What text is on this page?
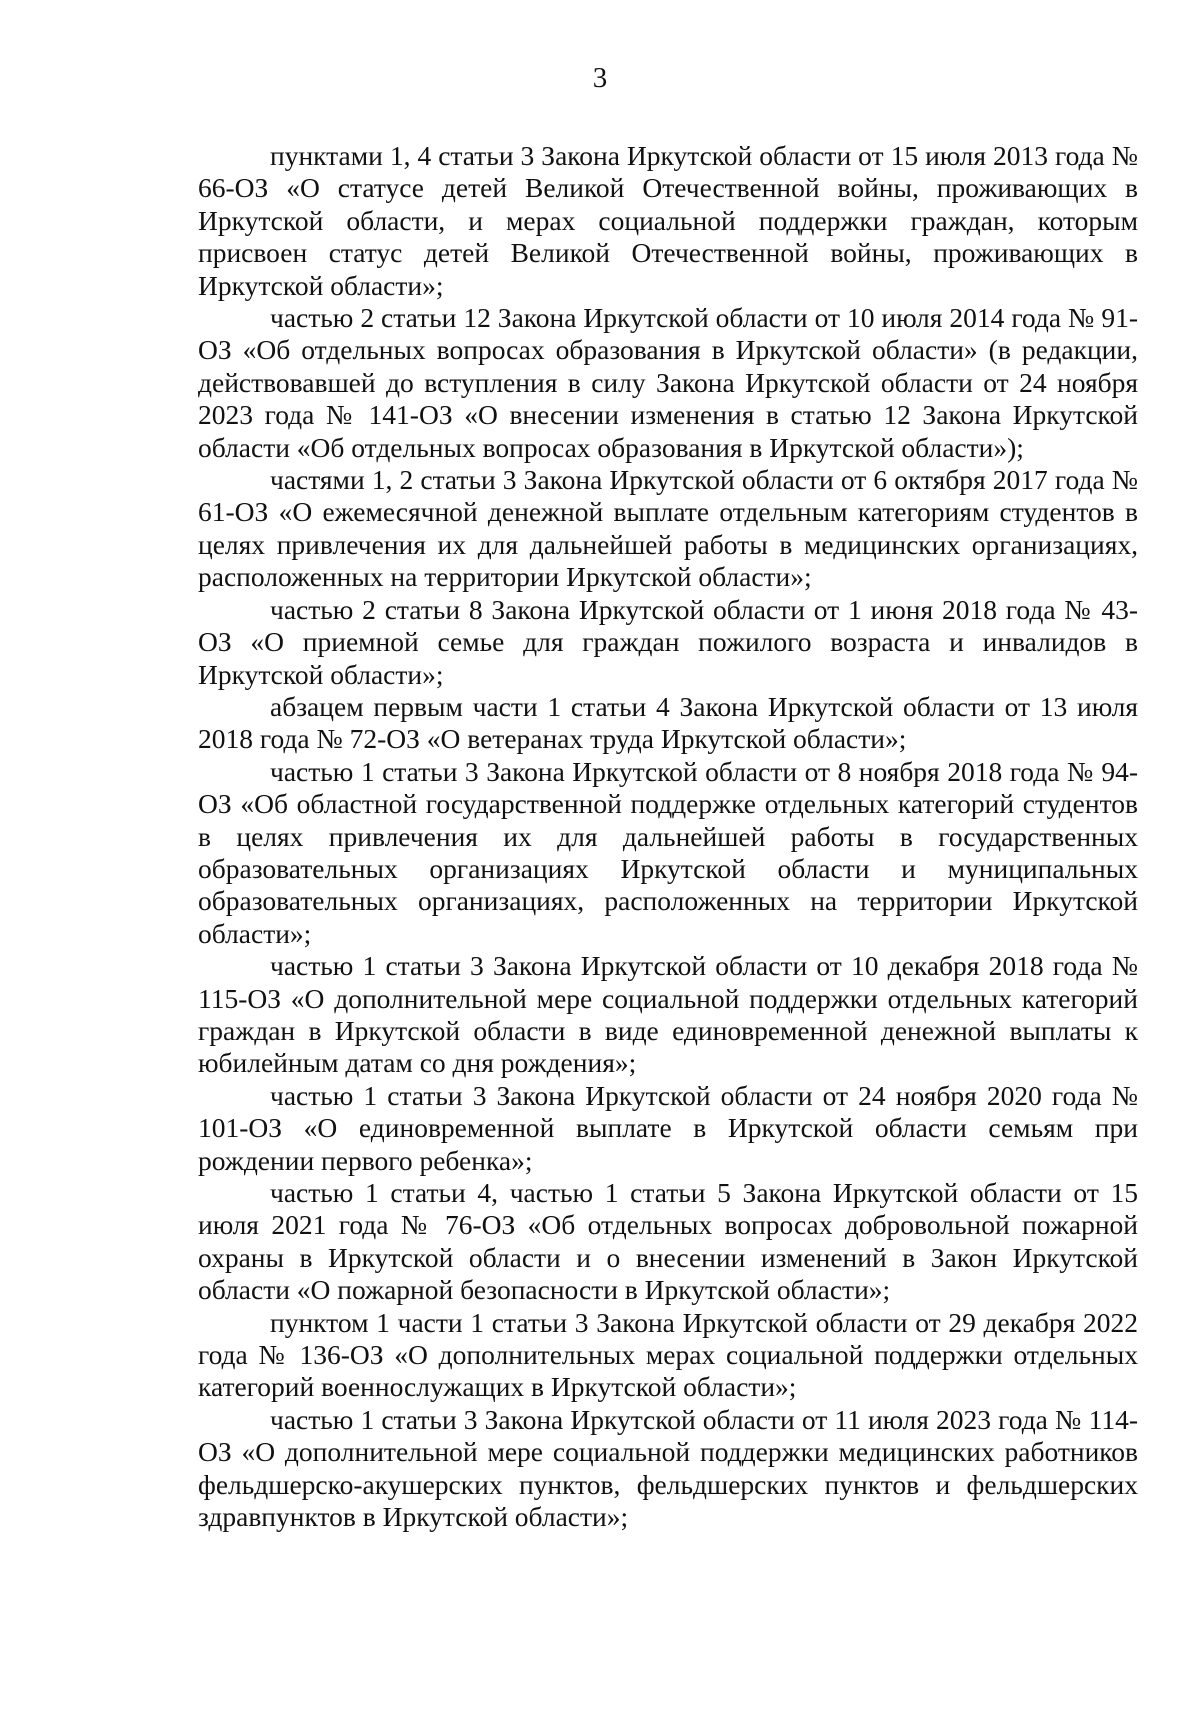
3

пунктами 1, 4 статьи 3 Закона Иркутской области от 15 июля 2013 года № 66-ОЗ «О статусе детей Великой Отечественной войны, проживающих в Иркутской области, и мерах социальной поддержки граждан, которым присвоен статус детей Великой Отечественной войны, проживающих в Иркутской области»;

частью 2 статьи 12 Закона Иркутской области от 10 июля 2014 года № 91-ОЗ «Об отдельных вопросах образования в Иркутской области» (в редакции, действовавшей до вступления в силу Закона Иркутской области от 24 ноября 2023 года № 141-ОЗ «О внесении изменения в статью 12 Закона Иркутской области «Об отдельных вопросах образования в Иркутской области»);

частями 1, 2 статьи 3 Закона Иркутской области от 6 октября 2017 года № 61-ОЗ «О ежемесячной денежной выплате отдельным категориям студентов в целях привлечения их для дальнейшей работы в медицинских организациях, расположенных на территории Иркутской области»;

частью 2 статьи 8 Закона Иркутской области от 1 июня 2018 года № 43-ОЗ «О приемной семье для граждан пожилого возраста и инвалидов в Иркутской области»;

абзацем первым части 1 статьи 4 Закона Иркутской области от 13 июля 2018 года № 72-ОЗ «О ветеранах труда Иркутской области»;

частью 1 статьи 3 Закона Иркутской области от 8 ноября 2018 года № 94-ОЗ «Об областной государственной поддержке отдельных категорий студентов в целях привлечения их для дальнейшей работы в государственных образовательных организациях Иркутской области и муниципальных образовательных организациях, расположенных на территории Иркутской области»;

частью 1 статьи 3 Закона Иркутской области от 10 декабря 2018 года № 115-ОЗ «О дополнительной мере социальной поддержки отдельных категорий граждан в Иркутской области в виде единовременной денежной выплаты к юбилейным датам со дня рождения»;

частью 1 статьи 3 Закона Иркутской области от 24 ноября 2020 года № 101-ОЗ «О единовременной выплате в Иркутской области семьям при рождении первого ребенка»;

частью 1 статьи 4, частью 1 статьи 5 Закона Иркутской области от 15 июля 2021 года № 76-ОЗ «Об отдельных вопросах добровольной пожарной охраны в Иркутской области и о внесении изменений в Закон Иркутской области «О пожарной безопасности в Иркутской области»;

пунктом 1 части 1 статьи 3 Закона Иркутской области от 29 декабря 2022 года № 136-ОЗ «О дополнительных мерах социальной поддержки отдельных категорий военнослужащих в Иркутской области»;

частью 1 статьи 3 Закона Иркутской области от 11 июля 2023 года № 114-ОЗ «О дополнительной мере социальной поддержки медицинских работников фельдшерско-акушерских пунктов, фельдшерских пунктов и фельдшерских здравпунктов в Иркутской области»;
